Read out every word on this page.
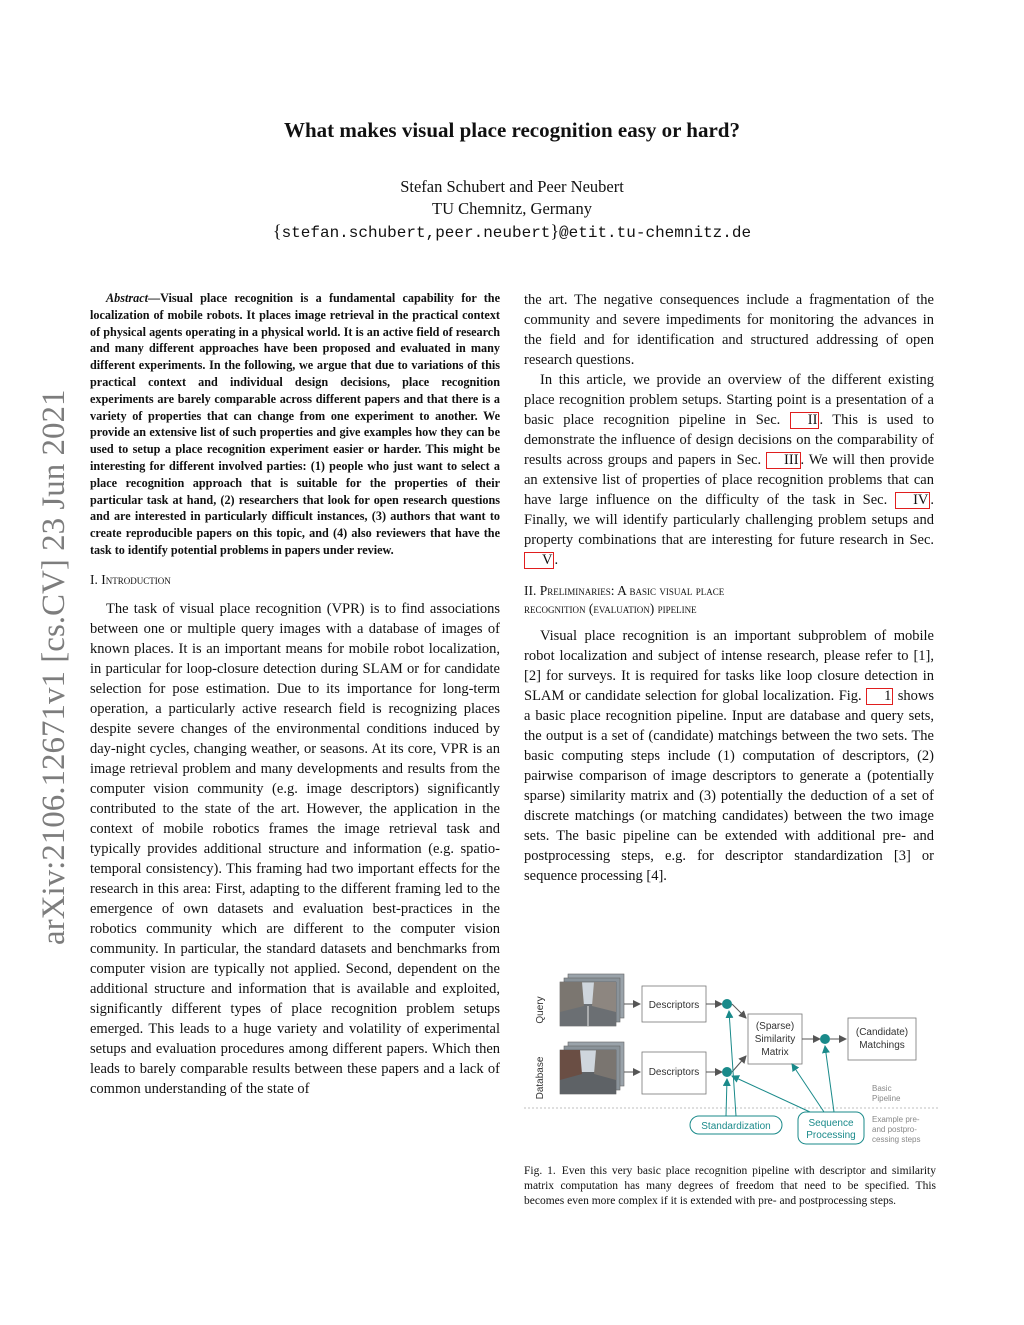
arXiv:2106.12671v1 [cs.CV] 23 Jun 2021
What makes visual place recognition easy or hard?
Stefan Schubert and Peer Neubert
TU Chemnitz, Germany
{stefan.schubert,peer.neubert}@etit.tu-chemnitz.de

Abstract—Visual place recognition is a fundamental capability for the localization of mobile robots. It places image retrieval in the practical context of physical agents operating in a physical world. It is an active field of research and many different approaches have been proposed and evaluated in many different experiments. In the following, we argue that due to variations of this practical context and individual design decisions, place recognition experiments are barely comparable across different papers and that there is a variety of properties that can change from one experiment to another. We provide an extensive list of such properties and give examples how they can be used to setup a place recognition experiment easier or harder. This might be interesting for different involved parties: (1) people who just want to select a place recognition approach that is suitable for the properties of their particular task at hand, (2) researchers that look for open research questions and are interested in particularly difficult instances, (3) authors that want to create reproducible papers on this topic, and (4) also reviewers that have the task to identify potential problems in papers under review.

I. Introduction

The task of visual place recognition (VPR) is to find associations between one or multiple query images with a database of images of known places. It is an important means for mobile robot localization, in particular for loop-closure detection during SLAM or for candidate selection for pose estimation. Due to its importance for long-term operation, a particularly active research field is recognizing places despite severe changes of the environmental conditions induced by day-night cycles, changing weather, or seasons. At its core, VPR is an image retrieval problem and many developments and results from the computer vision community (e.g. image descriptors) significantly contributed to the state of the art. However, the application in the context of mobile robotics frames the image retrieval task and typically provides additional structure and information (e.g. spatio-temporal consistency). This framing had two important effects for the research in this area: First, adapting to the different framing led to the emergence of own datasets and evaluation best-practices in the robotics community which are different to the computer vision community. In particular, the standard datasets and benchmarks from computer vision are typically not applied. Second, dependent on the additional structure and information that is available and exploited, significantly different types of place recognition problem setups emerged. This leads to a huge variety and volatility of experimental setups and evaluation procedures among different papers. Which then leads to barely comparable results between these papers and a lack of common understanding of the state of

the art. The negative consequences include a fragmentation of the community and severe impediments for monitoring the advances in the field and for identification and structured addressing of open research questions.

In this article, we provide an overview of the different existing place recognition problem setups. Starting point is a presentation of a basic place recognition pipeline in Sec. II . This is used to demonstrate the influence of design decisions on the comparability of results across groups and papers in Sec. III . We will then provide an extensive list of properties of place recognition problems that can have large influence on the difficulty of the task in Sec. IV . Finally, we will identify particularly challenging problem setups and property combinations that are interesting for future research in Sec. V .

II. Preliminaries: A basic visual place

recognition (evaluation) pipeline

Visual place recognition is an important subproblem of mobile robot localization and subject of intense research, please refer to [1], [2] for surveys. It is required for tasks like loop closure detection in SLAM or candidate selection for global localization. Fig. 1 shows a basic place recognition pipeline. Input are database and query sets, the output is a set of (candidate) matchings between the two sets. The basic computing steps include (1) computation of descriptors, (2) pairwise comparison of image descriptors to generate a (potentially sparse) similarity matrix and (3) potentially the deduction of a set of discrete matchings (or matching candidates) between the two image sets. The basic pipeline can be extended with additional pre- and postprocessing steps, e.g. for descriptor standardization [3] or sequence processing [4].

Query
Database
Descriptors
Descriptors
(Sparse)
Similarity
Matrix
(Candidate)
Matchings
Basic
Pipeline
Standardization	Sequence
Processing
Example pre-
and postpro-
cessing steps
Fig. 1. Even this very basic place recognition pipeline with descriptor and similarity matrix computation has many degrees of freedom that need to be specified. This becomes even more complex if it is extended with pre- and postprocessing steps.
